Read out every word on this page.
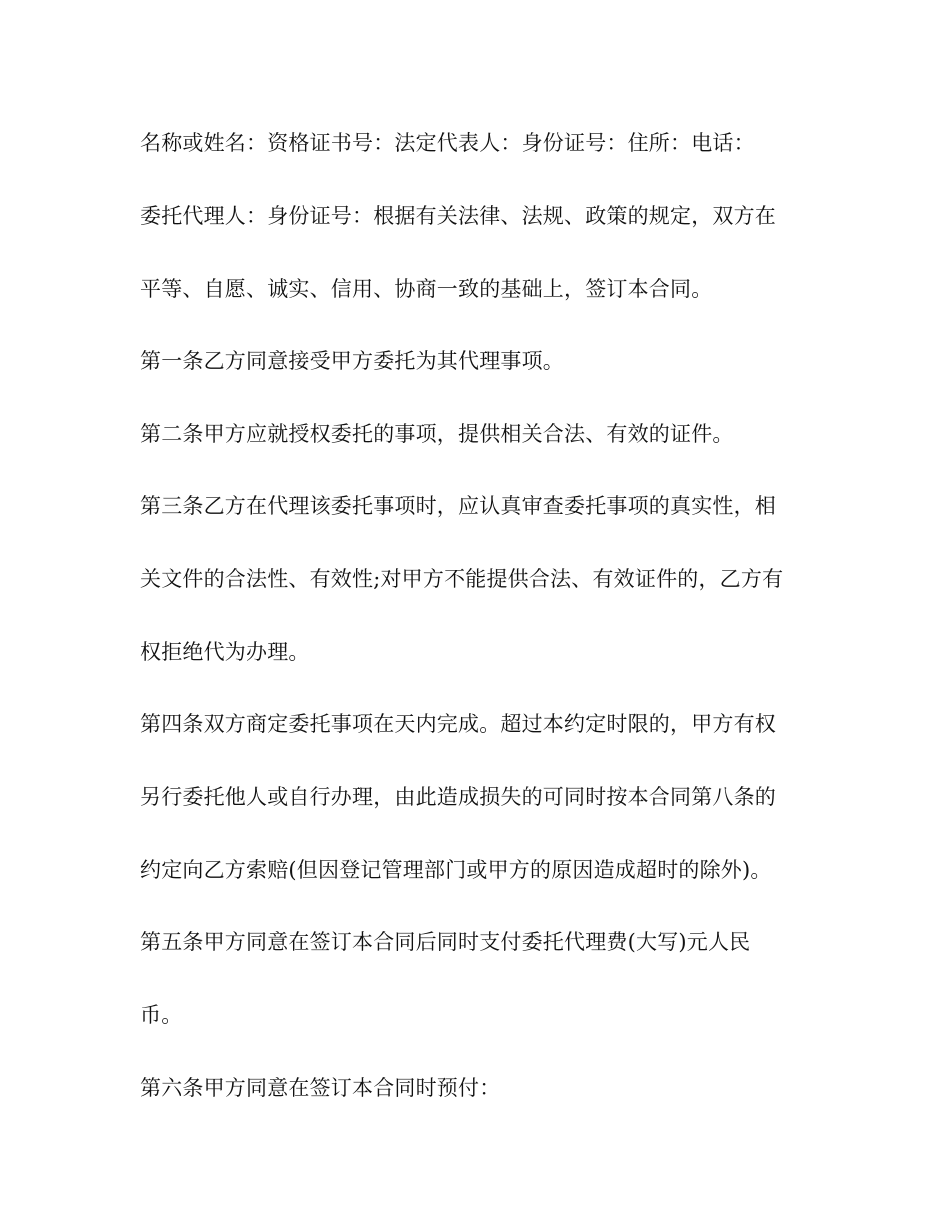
名称或姓名：资格证书号：法定代表人：身份证号：住所：电话：
委托代理人：身份证号：根据有关法律、法规、政策的规定，双方在
平等、自愿、诚实、信用、协商一致的基础上，签订本合同。
第一条乙方同意接受甲方委托为其代理事项。
第二条甲方应就授权委托的事项，提供相关合法、有效的证件。
第三条乙方在代理该委托事项时，应认真审查委托事项的真实性，相
关文件的合法性、有效性;对甲方不能提供合法、有效证件的，乙方有
权拒绝代为办理。
第四条双方商定委托事项在天内完成。超过本约定时限的，甲方有权
另行委托他人或自行办理，由此造成损失的可同时按本合同第八条的
约定向乙方索赔(但因登记管理部门或甲方的原因造成超时的除外)。
第五条甲方同意在签订本合同后同时支付委托代理费(大写)元人民
币。
第六条甲方同意在签订本合同时预付：
